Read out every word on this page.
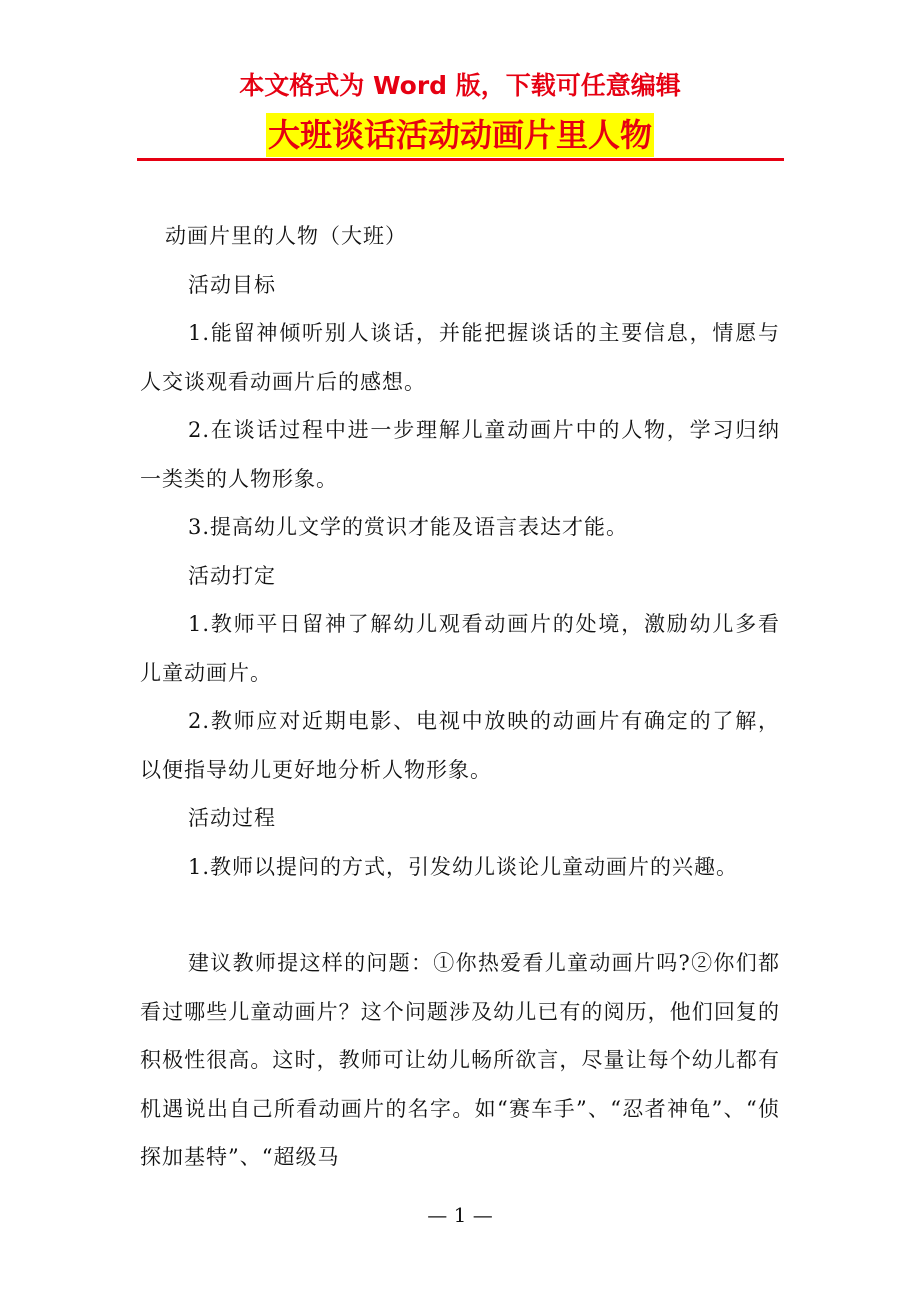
本文格式为 Word 版，下载可任意编辑
大班谈话活动动画片里人物

动画片里的人物（大班）

活动目标

1.能留神倾听别人谈话，并能把握谈话的主要信息，情愿与人交谈观看动画片后的感想。

2.在谈话过程中进一步理解儿童动画片中的人物，学习归纳一类类的人物形象。

3.提高幼儿文学的赏识才能及语言表达才能。

活动打定

1.教师平日留神了解幼儿观看动画片的处境，激励幼儿多看儿童动画片。

2.教师应对近期电影、电视中放映的动画片有确定的了解，以便指导幼儿更好地分析人物形象。

活动过程

1.教师以提问的方式，引发幼儿谈论儿童动画片的兴趣。

建议教师提这样的问题：①你热爱看儿童动画片吗?②你们都看过哪些儿童动画片？这个问题涉及幼儿已有的阅历，他们回复的积极性很高。这时，教师可让幼儿畅所欲言，尽量让每个幼儿都有机遇说出自己所看动画片的名字。如“赛车手”、“忍者神龟”、“侦探加基特”、“超级马

— 1 —
